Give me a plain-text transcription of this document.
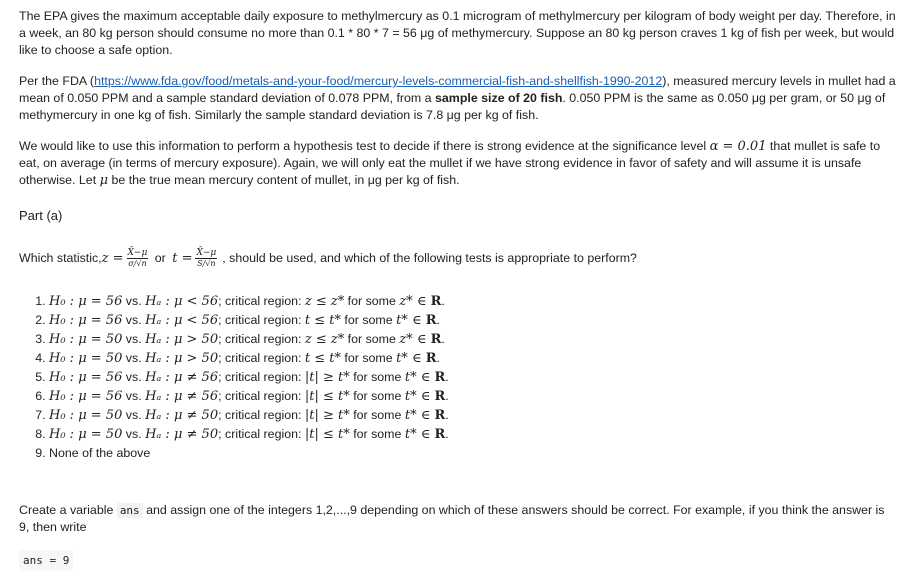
The EPA gives the maximum acceptable daily exposure to methylmercury as 0.1 microgram of methylmercury per kilogram of body weight per day. Therefore, in a week, an 80 kg person should consume no more than 0.1 * 80 * 7 = 56 μg of methymercury. Suppose an 80 kg person craves 1 kg of fish per week, but would like to choose a safe option.

Per the FDA (https://www.fda.gov/food/metals-and-your-food/mercury-levels-commercial-fish-and-shellfish-1990-2012), measured mercury levels in mullet had a mean of 0.050 PPM and a sample standard deviation of 0.078 PPM, from a sample size of 20 fish. 0.050 PPM is the same as 0.050 μg per gram, or 50 μg of methymercury in one kg of fish. Similarly the sample standard deviation is 7.8 μg per kg of fish.

We would like to use this information to perform a hypothesis test to decide if there is strong evidence at the significance level α = 0.01 that mullet is safe to eat, on average (in terms of mercury exposure). Again, we will only eat the mullet if we have strong evidence in favor of safety and will assume it is unsafe otherwise. Let μ be the true mean mercury content of mullet, in μg per kg of fish.

Part (a)
Which statistic, $z = \frac{X̄-\mu}{\sigma/√n}$ or $t = \frac{X̄-\mu}{S/√n}$ , should be used, and which of the following tests is appropriate to perform?
1. H₀ : μ = 56 vs. Hₐ : μ < 56; critical region: z ≤ z* for some z* ∈ R.
2. H₀ : μ = 56 vs. Hₐ : μ < 56; critical region: t ≤ t* for some t* ∈ R.
3. H₀ : μ = 50 vs. Hₐ : μ > 50; critical region: z ≤ z* for some z* ∈ R.
4. H₀ : μ = 50 vs. Hₐ : μ > 50; critical region: t ≤ t* for some t* ∈ R.
5. H₀ : μ = 56 vs. Hₐ : μ ≠ 56; critical region: |t| ≥ t* for some t* ∈ R.
6. H₀ : μ = 56 vs. Hₐ : μ ≠ 56; critical region: |t| ≤ t* for some t* ∈ R.
7. H₀ : μ = 50 vs. Hₐ : μ ≠ 50; critical region: |t| ≥ t* for some t* ∈ R.
8. H₀ : μ = 50 vs. Hₐ : μ ≠ 50; critical region: |t| ≤ t* for some t* ∈ R.
9. None of the above

Create a variable ans and assign one of the integers 1,2,...,9 depending on which of these answers should be correct. For example, if you think the answer is 9, then write

ans = 9
